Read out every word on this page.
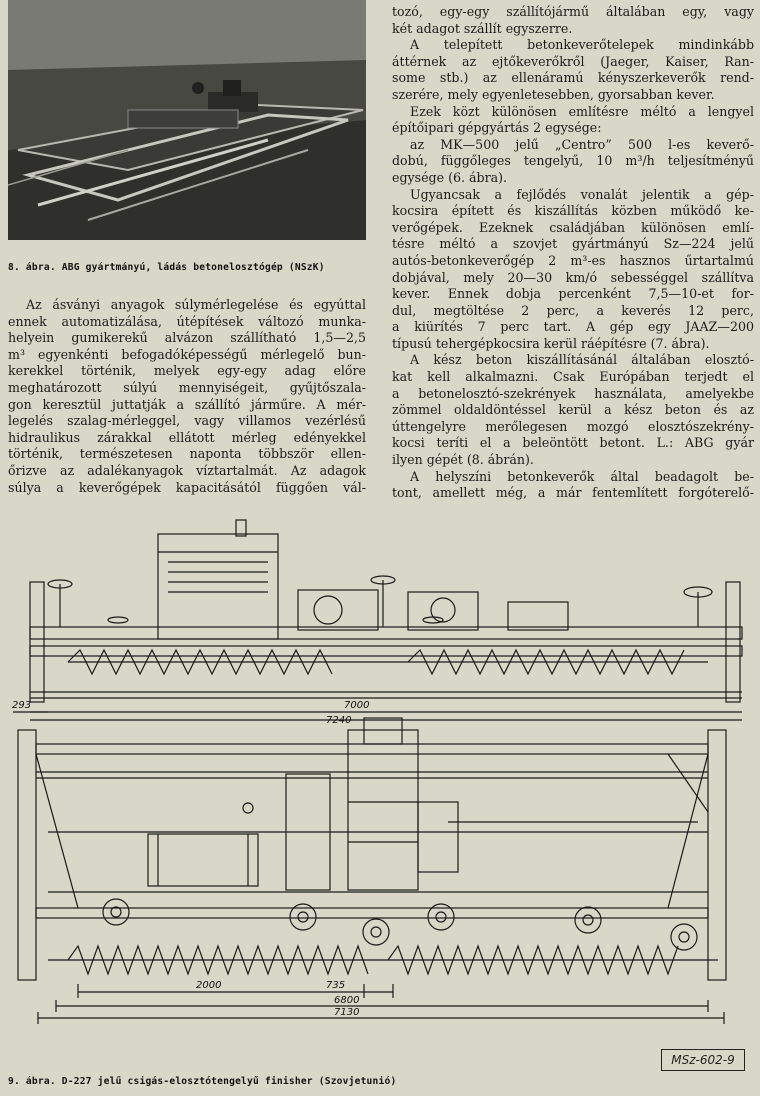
8. ábra. ABG gyártmányú, ládás betonelosztógép (NSzK)
Az ásványi anyagok súlymérlegelése és egyúttal
ennek automatizálása, útépítések változó munka-
helyein gumikerekű alvázon szállítható 1,5—2,5
m³ egyenkénti befogadóképességű mérlegelő bun-
kerekkel történik, melyek egy-egy adag előre
meghatározott súlyú mennyiségeit, gyűjtőszala-
gon keresztül juttatják a szállító járműre. A mér-
legelés szalag-mérleggel, vagy villamos vezérlésű
hidraulikus zárakkal ellátott mérleg edényekkel
történik, természetesen naponta többször ellen-
őrizve az adalékanyagok víztartalmát. Az adagok
súlya a keverőgépek kapacitásától függően vál-
tozó, egy-egy szállítójármű általában egy, vagy
két adagot szállít egyszerre.
A telepített betonkeverőtelepek mindinkább
áttérnek az ejtőkeverőkről (Jaeger, Kaiser, Ran-
some stb.) az ellenáramú kényszerkeverők rend-
szerére, mely egyenletesebben, gyorsabban kever.
Ezek közt különösen említésre méltó a lengyel
építőipari gépgyártás 2 egysége:
az MK—500 jelű „Centro” 500 l-es keverő-
dobú, függőleges tengelyű, 10 m³/h teljesítményű
egysége (6. ábra).
Ugyancsak a fejlődés vonalát jelentik a gép-
kocsira épített és kiszállítás közben működő ke-
verőgépek. Ezeknek családjában különösen emlí-
tésre méltó a szovjet gyártmányú Sz—224 jelű
autós-betonkeverőgép 2 m³-es hasznos űrtartalmú
dobjával, mely 20—30 km/ó sebességgel szállítva
kever. Ennek dobja percenként 7,5—10-et for-
dul, megtöltése 2 perc, a keverés 12 perc,
a kiürítés 7 perc tart. A gép egy JAAZ—200
típusú tehergépkocsira kerül ráépítésre (7. ábra).
A kész beton kiszállításánál általában elosztó-
kat kell alkalmazni. Csak Európában terjedt el
a betonelosztó-szekrények használata, amelyekbe
zömmel oldaldöntéssel kerül a kész beton és az
úttengelyre merőlegesen mozgó elosztószekrény-
kocsi teríti el a beleöntött betont. L.: ABG gyár
ilyen gépét (8. ábrán).
A helyszíni betonkeverők által beadagolt be-
tont, amellett még, a már fentemlített forgóterelő-
293	7000
7240
2000	735
6800
7130
MSz-602-9
9. ábra. D-227 jelű csigás-elosztótengelyű finisher (Szovjetunió)
